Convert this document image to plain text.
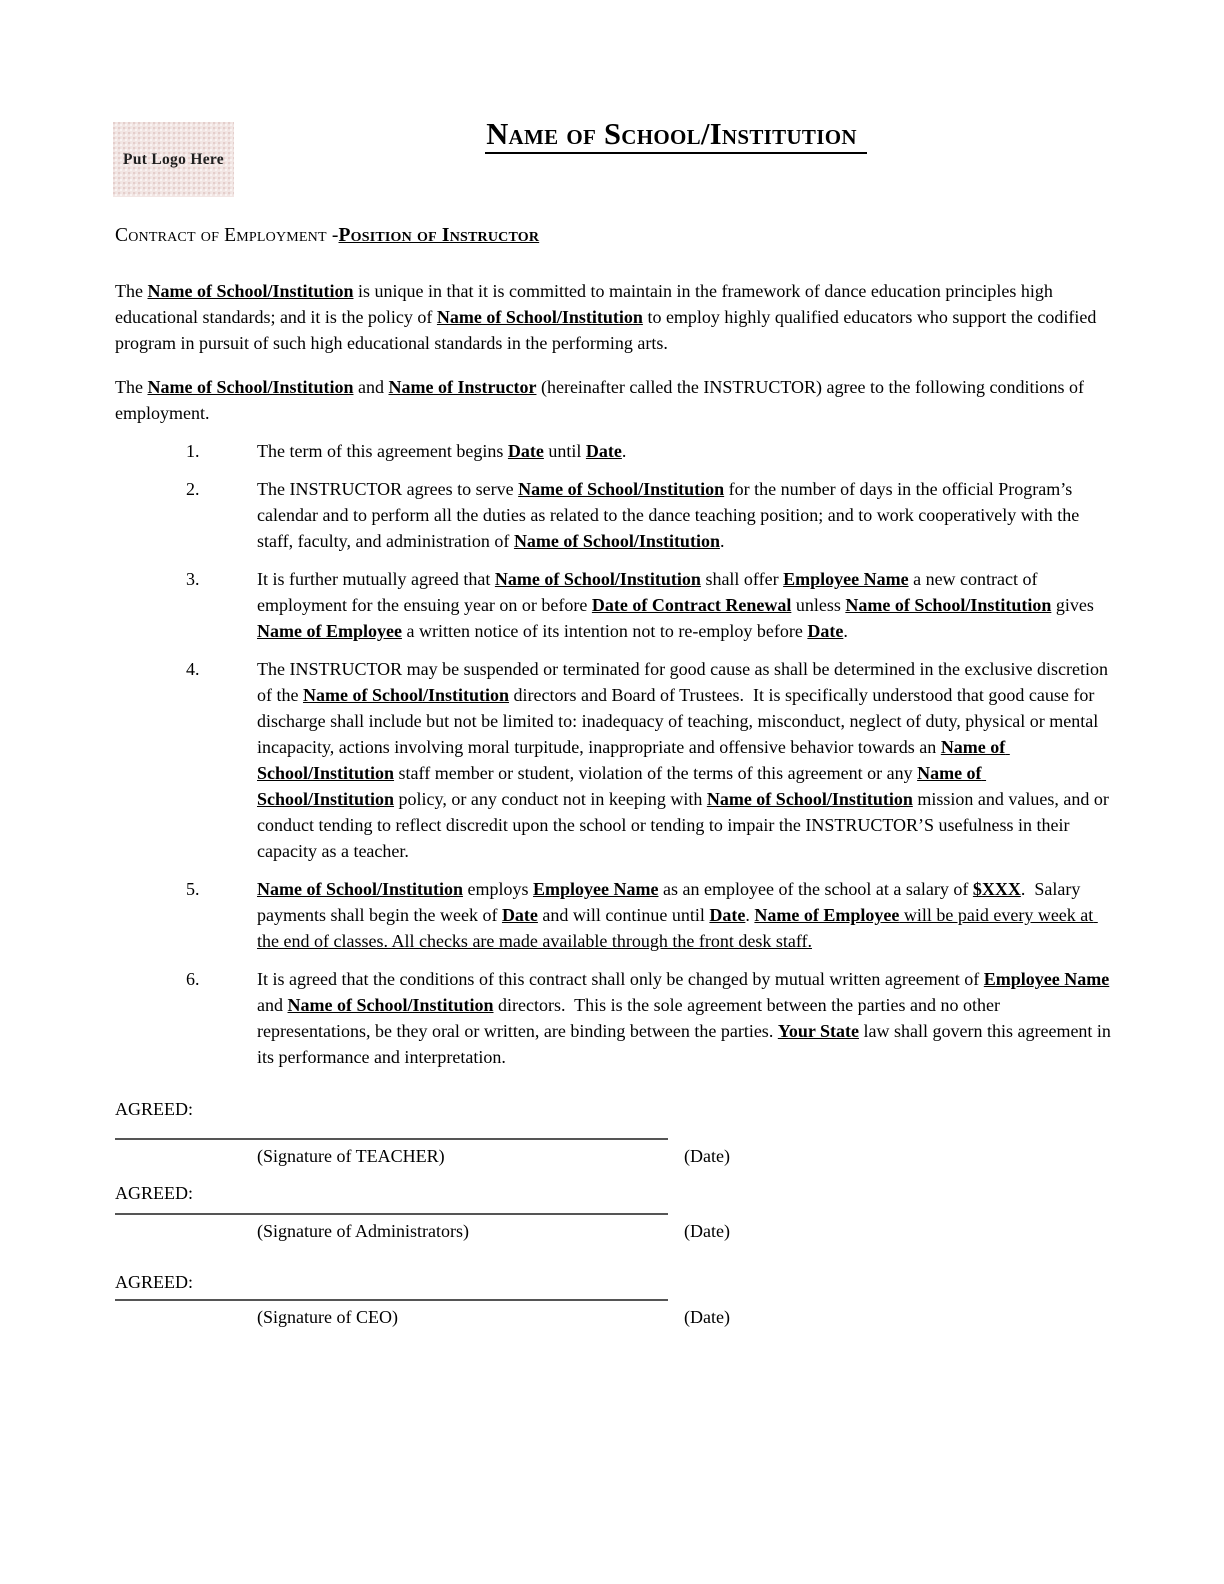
Put Logo Here
Name of School/Institution

Contract of Employment -Position of Instructor

The Name of School/Institution is unique in that it is committed to maintain in the framework of dance education principles high educational standards; and it is the policy of Name of School/Institution to employ highly qualified educators who support the codified program in pursuit of such high educational standards in the performing arts.

The Name of School/Institution and Name of Instructor (hereinafter called the INSTRUCTOR) agree to the following conditions of employment.

1.	The term of this agreement begins Date until Date.
2.	The INSTRUCTOR agrees to serve Name of School/Institution for the number of days in the official Program’s calendar and to perform all the duties as related to the dance teaching position; and to work cooperatively with the staff, faculty, and administration of Name of School/Institution.
3.	It is further mutually agreed that Name of School/Institution shall offer Employee Name a new contract of employment for the ensuing year on or before Date of Contract Renewal unless Name of School/Institution gives Name of Employee a written notice of its intention not to re-employ before Date.
4.	The INSTRUCTOR may be suspended or terminated for good cause as shall be determined in the exclusive discretion of the Name of School/Institution directors and Board of Trustees.  It is specifically understood that good cause for discharge shall include but not be limited to: inadequacy of teaching, misconduct, neglect of duty, physical or mental incapacity, actions involving moral turpitude, inappropriate and offensive behavior towards an Name of School/Institution staff member or student, violation of the terms of this agreement or any Name of School/Institution policy, or any conduct not in keeping with Name of School/Institution mission and values, and or conduct tending to reflect discredit upon the school or tending to impair the INSTRUCTOR’S usefulness in their capacity as a teacher.
5.	Name of School/Institution employs Employee Name as an employee of the school at a salary of $XXX.  Salary payments shall begin the week of Date and will continue until Date. Name of Employee will be paid every week at the end of classes. All checks are made available through the front desk staff.
6.	It is agreed that the conditions of this contract shall only be changed by mutual written agreement of Employee Name and Name of School/Institution directors.  This is the sole agreement between the parties and no other representations, be they oral or written, are binding between the parties. Your State law shall govern this agreement in its performance and interpretation.
AGREED:
(Signature of TEACHER)	(Date)
AGREED:
(Signature of Administrators)	(Date)
AGREED:
(Signature of CEO)	(Date)
